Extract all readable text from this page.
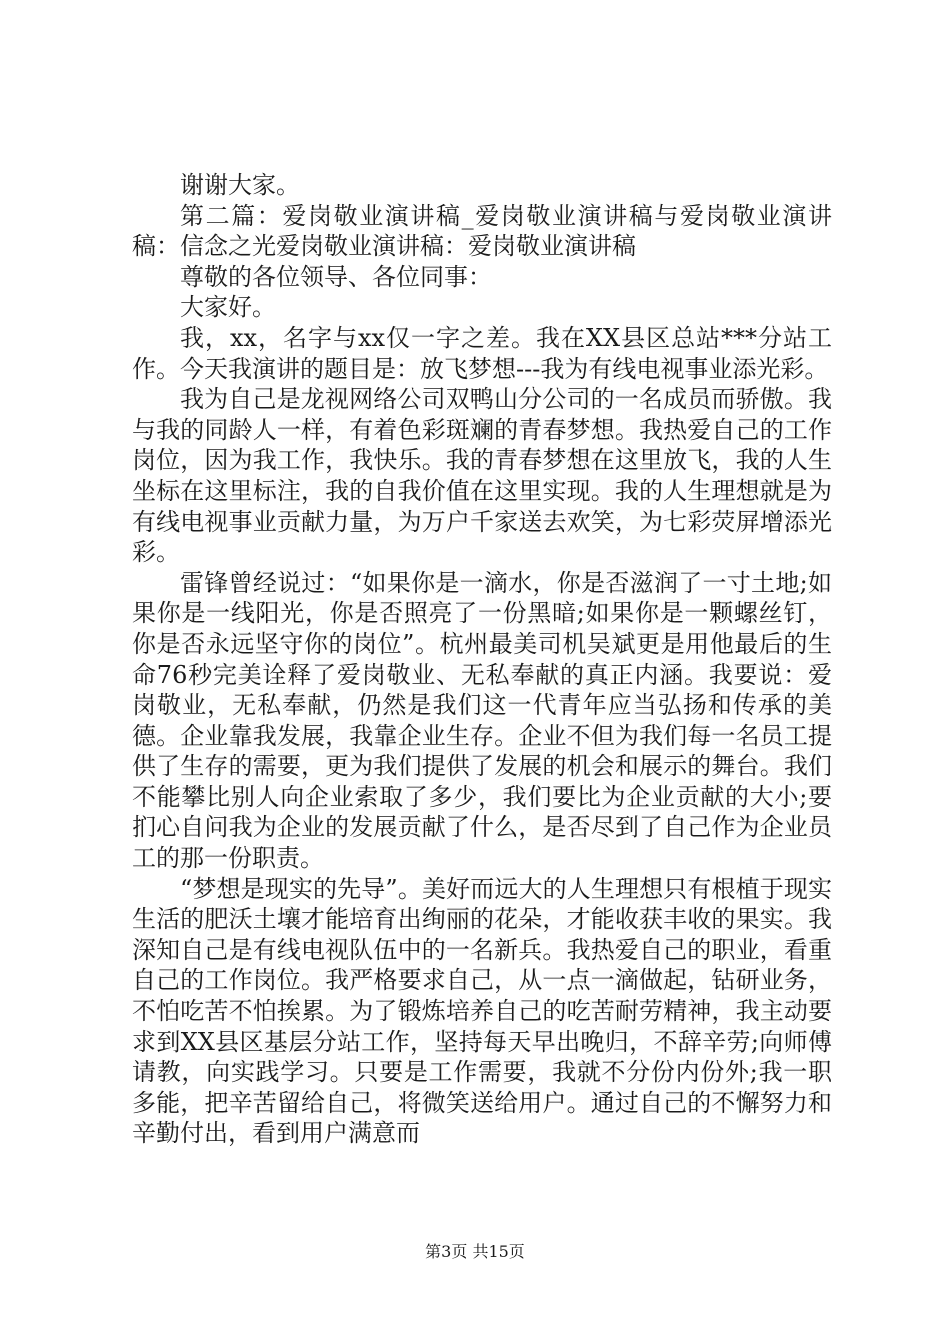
谢谢大家。

第二篇：爱岗敬业演讲稿_爱岗敬业演讲稿与爱岗敬业演讲稿：信念之光爱岗敬业演讲稿：爱岗敬业演讲稿

尊敬的各位领导、各位同事：

大家好。

我，xx，名字与xx仅一字之差。我在XX县区总站***分站工作。今天我演讲的题目是：放飞梦想---我为有线电视事业添光彩。

我为自己是龙视网络公司双鸭山分公司的一名成员而骄傲。我与我的同龄人一样，有着色彩斑斓的青春梦想。我热爱自己的工作岗位，因为我工作，我快乐。我的青春梦想在这里放飞，我的人生坐标在这里标注，我的自我价值在这里实现。我的人生理想就是为有线电视事业贡献力量，为万户千家送去欢笑，为七彩荧屏增添光彩。

雷锋曾经说过：“如果你是一滴水，你是否滋润了一寸土地;如果你是一线阳光，你是否照亮了一份黑暗;如果你是一颗螺丝钉，你是否永远坚守你的岗位”。杭州最美司机吴斌更是用他最后的生命76秒完美诠释了爱岗敬业、无私奉献的真正内涵。我要说：爱岗敬业，无私奉献，仍然是我们这一代青年应当弘扬和传承的美德。企业靠我发展，我靠企业生存。企业不但为我们每一名员工提供了生存的需要，更为我们提供了发展的机会和展示的舞台。我们不能攀比别人向企业索取了多少，我们要比为企业贡献的大小;要扪心自问我为企业的发展贡献了什么，是否尽到了自己作为企业员工的那一份职责。

“梦想是现实的先导”。美好而远大的人生理想只有根植于现实生活的肥沃土壤才能培育出绚丽的花朵，才能收获丰收的果实。我深知自己是有线电视队伍中的一名新兵。我热爱自己的职业，看重自己的工作岗位。我严格要求自己，从一点一滴做起，钻研业务，不怕吃苦不怕挨累。为了锻炼培养自己的吃苦耐劳精神，我主动要求到XX县区基层分站工作，坚持每天早出晚归，不辞辛劳;向师傅请教，向实践学习。只要是工作需要，我就不分份内份外;我一职多能，把辛苦留给自己，将微笑送给用户。通过自己的不懈努力和辛勤付出，看到用户满意而

第3页 共15页
